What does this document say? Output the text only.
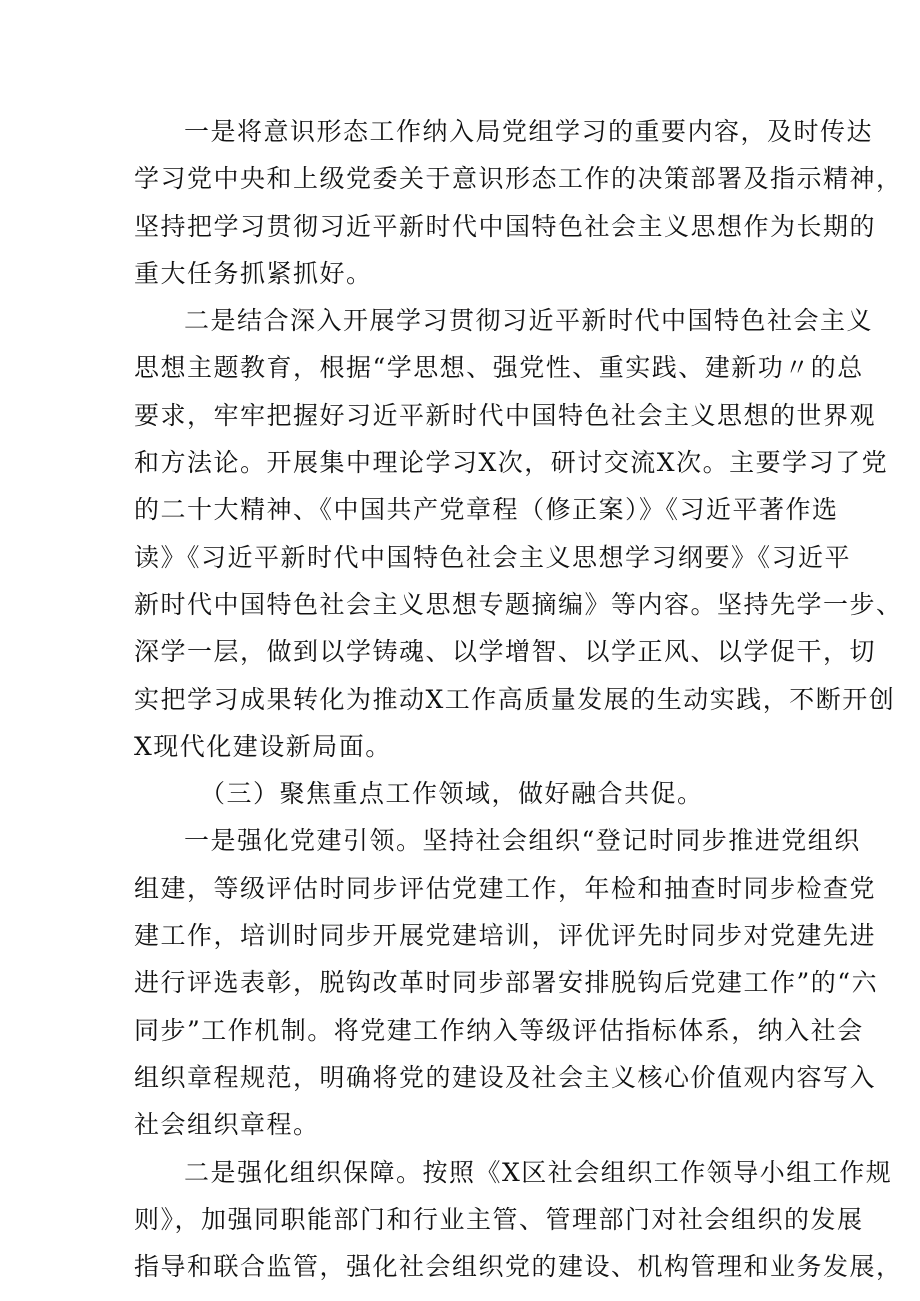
一是将意识形态工作纳入局党组学习的重要内容，及时传达
学习党中央和上级党委关于意识形态工作的决策部署及指示精神，
坚持把学习贯彻习近平新时代中国特色社会主义思想作为长期的
重大任务抓紧抓好。
二是结合深入开展学习贯彻习近平新时代中国特色社会主义
思想主题教育，根据“学思想、强党性、重实践、建新功〃的总
要求，牢牢把握好习近平新时代中国特色社会主义思想的世界观
和方法论。开展集中理论学习X次，研讨交流X次。主要学习了党
的二十大精神、《中国共产党章程（修正案）》《习近平著作选
读》《习近平新时代中国特色社会主义思想学习纲要》《习近平
新时代中国特色社会主义思想专题摘编》等内容。坚持先学一步、
深学一层，做到以学铸魂、以学增智、以学正风、以学促干，切
实把学习成果转化为推动X工作高质量发展的生动实践，不断开创
X现代化建设新局面。
（三）聚焦重点工作领域，做好融合共促。
一是强化党建引领。坚持社会组织“登记时同步推进党组织
组建，等级评估时同步评估党建工作，年检和抽查时同步检查党
建工作，培训时同步开展党建培训，评优评先时同步对党建先进
进行评选表彰，脱钩改革时同步部署安排脱钩后党建工作”的“六
同步”工作机制。将党建工作纳入等级评估指标体系，纳入社会
组织章程规范，明确将党的建设及社会主义核心价值观内容写入
社会组织章程。
二是强化组织保障。按照《X区社会组织工作领导小组工作规
则》，加强同职能部门和行业主管、管理部门对社会组织的发展
指导和联合监管，强化社会组织党的建设、机构管理和业务发展，
